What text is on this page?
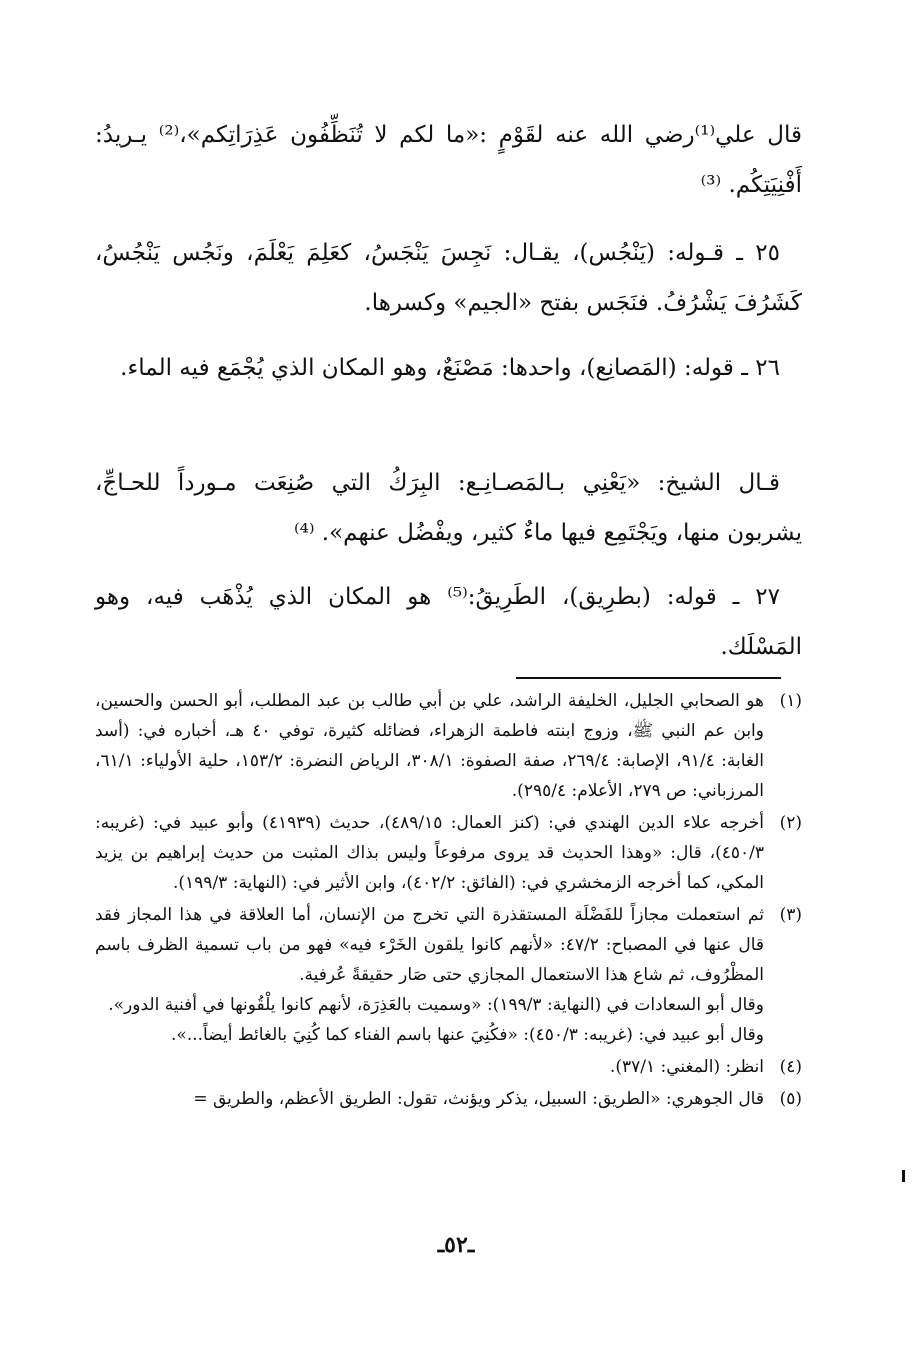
قال علي⁽¹⁾رضي الله عنه لقَوْمٍ :«ما لكم لا تُنَظِّفُون عَذِرَاتِكم»،⁽²⁾ يـريدُ: أَفْنِيَتِكُم. ⁽³⁾

٢٥ ـ قـوله: (يَنْجُس)، يقـال: نَجِسَ يَنْجَسُ، كعَلِمَ يَعْلَمَ، ونَجُس يَنْجُسُ، كَشَرُفَ يَشْرُفُ. فنَجَس بفتح «الجيم» وكسرها.

٢٦ ـ قوله: (المَصانِع)، واحدها: مَصْنَعٌ، وهو المكان الذي يُجْمَع فيه الماء.

قـال الشيخ: «يَعْنِي بـالمَصـانِـع: البِرَكُ التي صُنِعَت مـورداً للحـاجِّ، يشربون منها، ويَجْتَمِع فيها ماءٌ كثير، ويفْضُل عنهم». ⁽⁴⁾

٢٧ ـ قوله: (بطرِيق)، الطَرِيقُ:⁽⁵⁾ هو المكان الذي يُذْهَب فيه، وهو المَسْلَك.

(١)
هو الصحابي الجليل، الخليفة الراشد، علي بن أبي طالب بن عبد المطلب، أبو الحسن والحسين، وابن عم النبي ﷺ، وزوج ابنته فاطمة الزهراء، فضائله كثيرة، توفي ٤٠ هـ، أخباره في: (أسد الغابة: ٩١/٤، الإصابة: ٢٦٩/٤، صفة الصفوة: ٣٠٨/١، الرياض النضرة: ١٥٣/٢، حلية الأولياء: ٦١/١، المرزباني: ص ٢٧٩، الأعلام: ٢٩٥/٤).
(٢)
أخرجه علاء الدين الهندي في: (كنز العمال: ٤٨٩/١٥)، حديث (٤١٩٣٩) وأبو عبيد في: (غريبه: ٤٥٠/٣)، قال: «وهذا الحديث قد يروى مرفوعاً وليس بذاك المثبت من حديث إبراهيم بن يزيد المكي، كما أخرجه الزمخشري في: (الفائق: ٤٠٢/٢)، وابن الأثير في: (النهاية: ١٩٩/٣).
(٣)
ثم استعملت مجازاً للفَضْلَة المستقذرة التي تخرج من الإنسان، أما العلاقة في هذا المجاز فقد قال عنها في المصباح: ٤٧/٢: «لأنهم كانوا يلقون الخَرْء فيه» فهو من باب تسمية الظرف باسم المظْرُوف، ثم شاع هذا الاستعمال المجازي حتى صَار حقيقةً عُرفية.
وقال أبو السعادات في (النهاية: ١٩٩/٣): «وسميت بالعَذِرَة، لأنهم كانوا يلْقُونها في أفنية الدور».
وقال أبو عبيد في: (غريبه: ٤٥٠/٣): «فكُنِيَ عنها باسم الفناء كما كُنِيَ بالغائط أيضاً...».
(٤)
انظر: (المغني: ٣٧/١).
(٥)
قال الجوهري: «الطريق: السبيل، يذكر ويؤنث، تقول: الطريق الأعظم، والطريق =
ـ٥٢ـ
